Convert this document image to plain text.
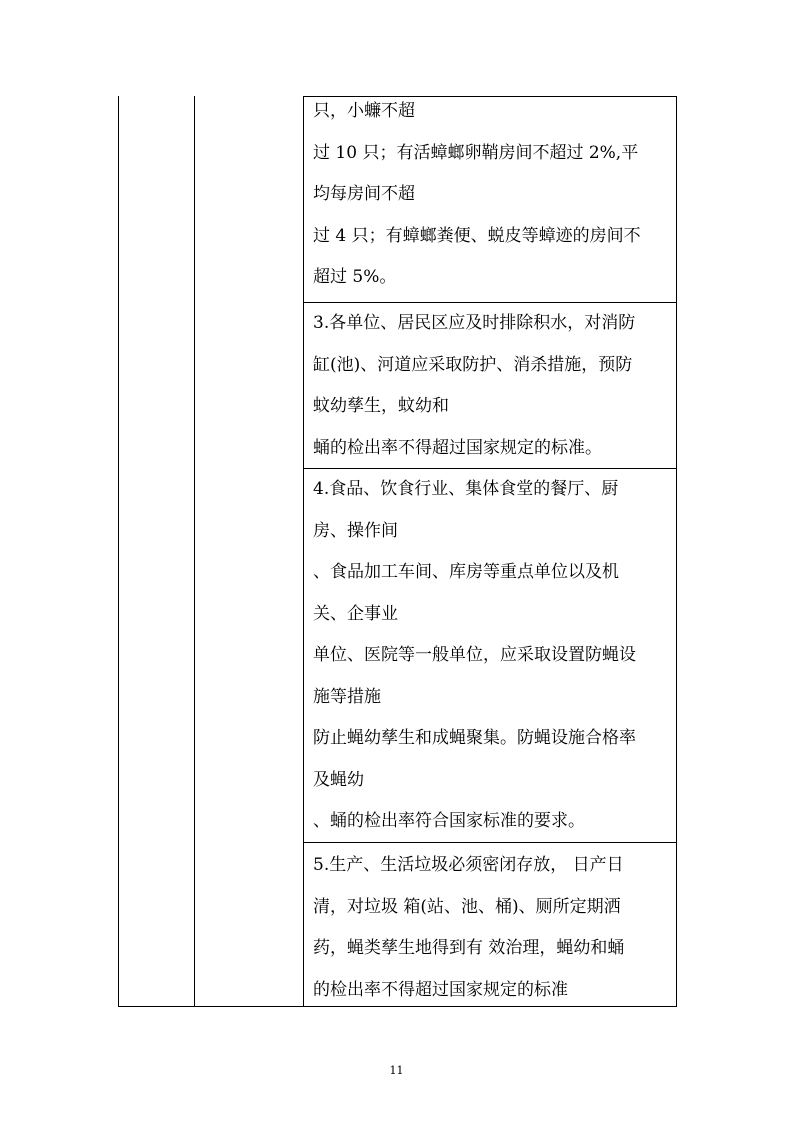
只，小蠊不超
过 10 只；有活蟑螂卵鞘房间不超过 2%,平
均每房间不超
过 4 只；有蟑螂粪便、蜕皮等蟑迹的房间不
超过 5%。
3.各单位、居民区应及时排除积水，对消防
缸(池)、河道应采取防护、消杀措施，预防
蚊幼孳生，蚊幼和
蛹的检出率不得超过国家规定的标准。
4.食品、饮食行业、集体食堂的餐厅、厨
房、操作间
、食品加工车间、库房等重点单位以及机
关、企事业
单位、医院等一般单位，应采取设置防蝇设
施等措施
防止蝇幼孳生和成蝇聚集。防蝇设施合格率
及蝇幼
、蛹的检出率符合国家标准的要求。
5.生产、生活垃圾必须密闭存放， 日产日
清，对垃圾 箱(站、池、桶)、厕所定期洒
药，蝇类孳生地得到有 效治理，蝇幼和蛹
的检出率不得超过国家规定的标准
11
